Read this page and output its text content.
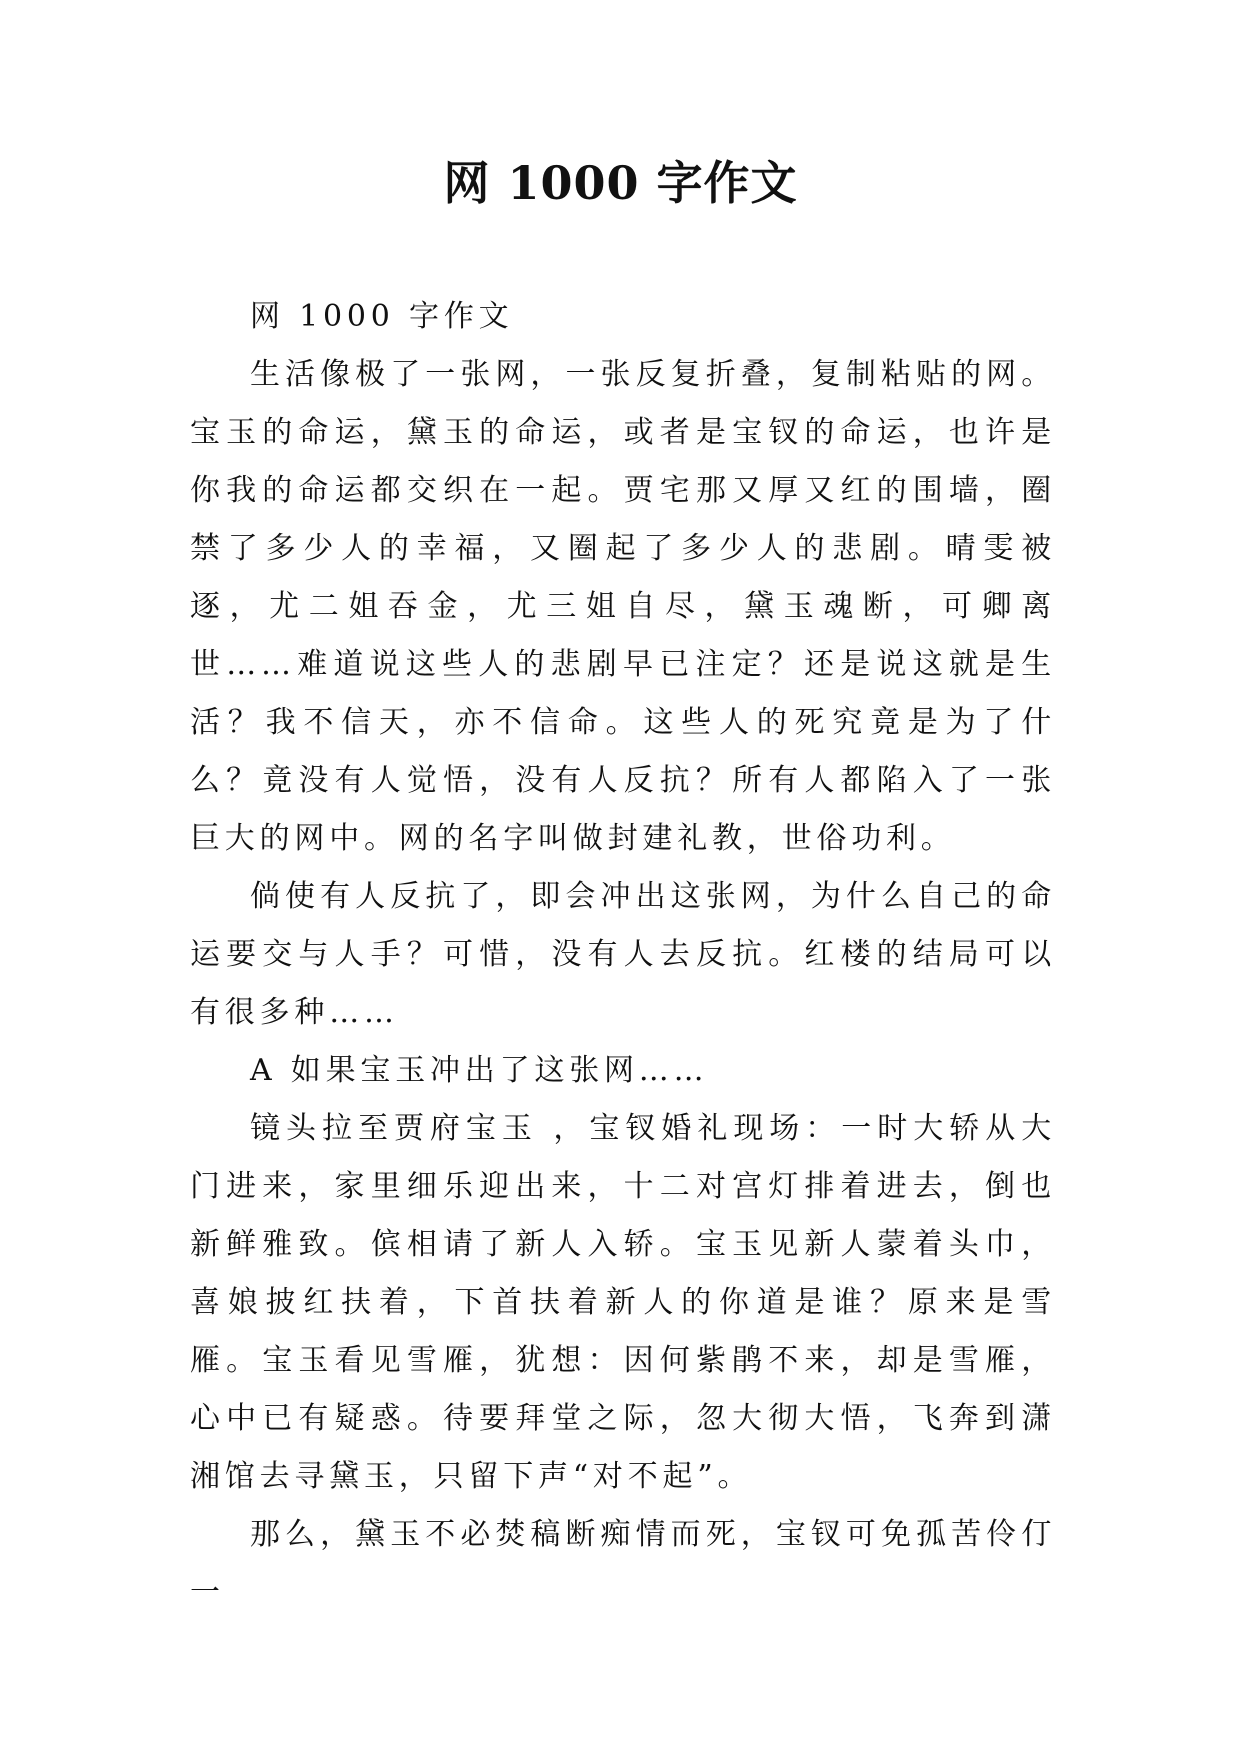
网 1000 字作文

网 1000 字作文

生活像极了一张网，一张反复折叠，复制粘贴的网。宝玉的命运，黛玉的命运，或者是宝钗的命运，也许是你我的命运都交织在一起。贾宅那又厚又红的围墙，圈禁了多少人的幸福，又圈起了多少人的悲剧。晴雯被逐，尤二姐吞金，尤三姐自尽，黛玉魂断，可卿离世……难道说这些人的悲剧早已注定？还是说这就是生活？我不信天，亦不信命。这些人的死究竟是为了什么？竟没有人觉悟，没有人反抗？所有人都陷入了一张巨大的网中。网的名字叫做封建礼教，世俗功利。

倘使有人反抗了，即会冲出这张网，为什么自己的命运要交与人手？可惜，没有人去反抗。红楼的结局可以有很多种……

A 如果宝玉冲出了这张网……

镜头拉至贾府宝玉 ，宝钗婚礼现场：一时大轿从大门进来，家里细乐迎出来，十二对宫灯排着进去，倒也新鲜雅致。傧相请了新人入轿。宝玉见新人蒙着头巾，喜娘披红扶着，下首扶着新人的你道是谁？原来是雪雁。宝玉看见雪雁，犹想：因何紫鹃不来，却是雪雁，心中已有疑惑。待要拜堂之际，忽大彻大悟，飞奔到潇湘馆去寻黛玉，只留下声“对不起”。

那么，黛玉不必焚稿断痴情而死，宝钗可免孤苦伶仃一
